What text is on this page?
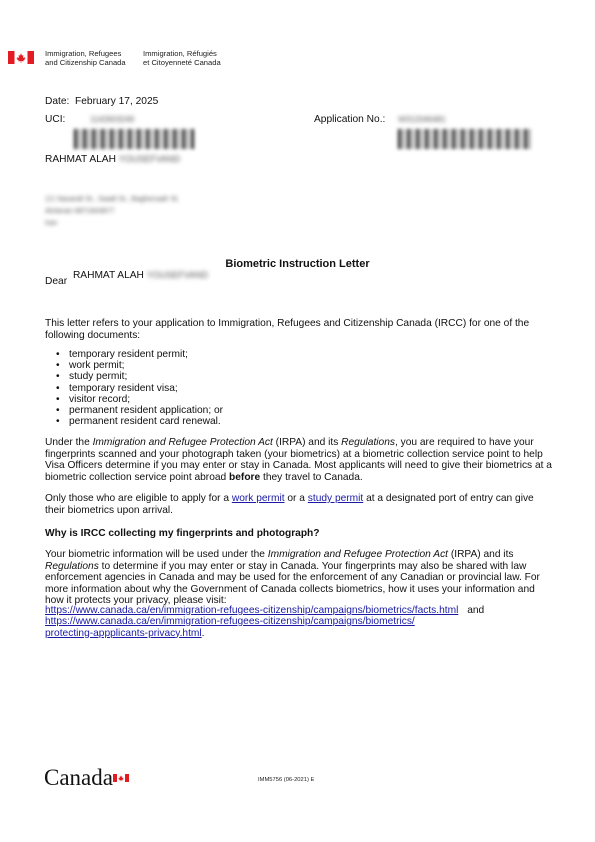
Immigration, Refugees
and Citizenship Canada
Immigration, Réfugiés
et Citoyenneté Canada
Date: February 17, 2025
UCI:	1142603249	Application No.: W312046481
RAHMAT ALAH YOUSEFVAND
1/1 Nasarali St., Saadi St., Baghersadr St.
Alvlanan 6871843877
Iran
Biometric Instruction Letter
Dear RAHMAT ALAH YOUSEFVAND
This letter refers to your application to Immigration, Refugees and Citizenship Canada (IRCC) for one of the
following documents:
• temporary resident permit;
• work permit;
• study permit;
• temporary resident visa;
• visitor record;
• permanent resident application; or
• permanent resident card renewal.
Under the Immigration and Refugee Protection Act (IRPA) and its Regulations, you are required to have your fingerprints scanned and your photograph taken (your biometrics) at a biometric collection service point to help Visa Officers determine if you may enter or stay in Canada. Most applicants will need to give their biometrics at a biometric collection service point abroad before they travel to Canada.
Only those who are eligible to apply for a work permit or a study permit at a designated port of entry can give their biometrics upon arrival.
Why is IRCC collecting my fingerprints and photograph?
Your biometric information will be used under the Immigration and Refugee Protection Act (IRPA) and its Regulations to determine if you may enter or stay in Canada. Your fingerprints may also be shared with law enforcement agencies in Canada and may be used for the enforcement of any Canadian or provincial law. For more information about why the Government of Canada collects biometrics, how it uses your information and how it protects your privacy, please visit:
https://www.canada.ca/en/immigration-refugees-citizenship/campaigns/biometrics/facts.html and
https://www.canada.ca/en/immigration-refugees-citizenship/campaigns/biometrics/
protecting-appplicants-privacy.html.
Canada	IMM5756 (06-2021) E
